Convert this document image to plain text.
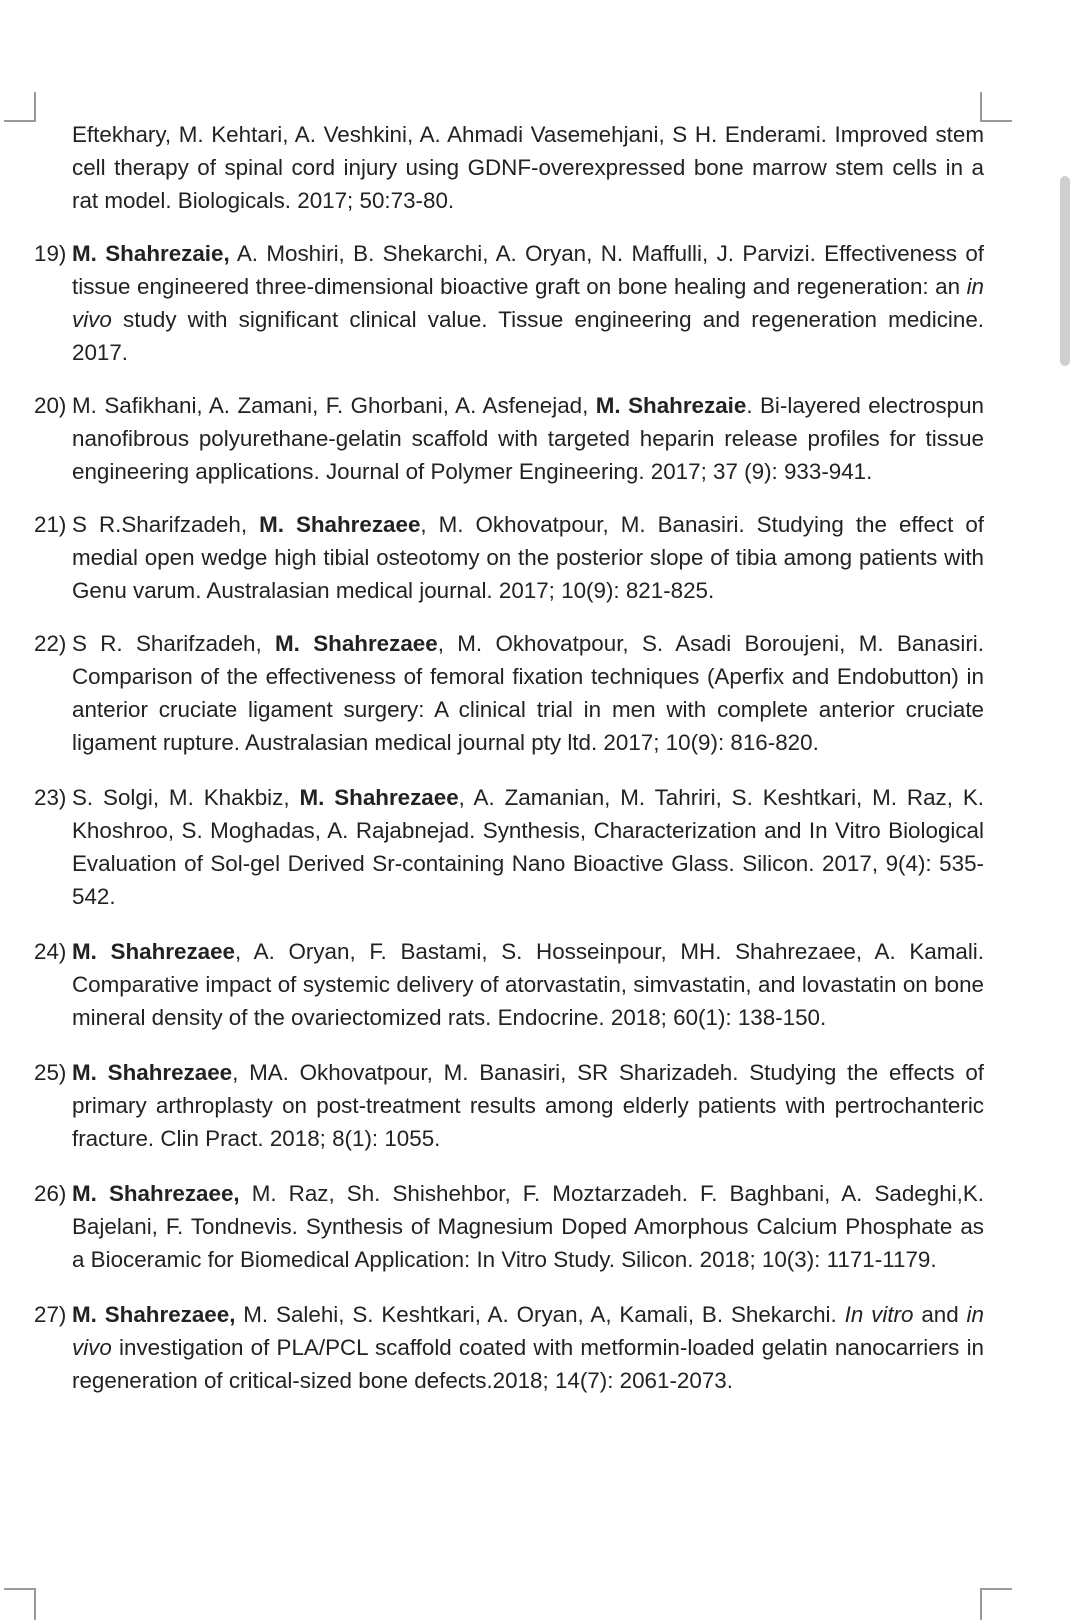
Eftekhary, M. Kehtari, A. Veshkini, A. Ahmadi Vasemehjani, S H. Enderami. Improved stem cell therapy of spinal cord injury using GDNF-overexpressed bone marrow stem cells in a rat model. Biologicals. 2017; 50:73-80.

19) M. Shahrezaie, A. Moshiri, B. Shekarchi, A. Oryan, N. Maffulli, J. Parvizi. Effectiveness of tissue engineered three-dimensional bioactive graft on bone healing and regeneration: an in vivo study with significant clinical value. Tissue engineering and regeneration medicine. 2017.

20) M. Safikhani, A. Zamani, F. Ghorbani, A. Asfenejad, M. Shahrezaie. Bi-layered electrospun nanofibrous polyurethane-gelatin scaffold with targeted heparin release profiles for tissue engineering applications. Journal of Polymer Engineering. 2017; 37 (9): 933-941.

21) S R.Sharifzadeh, M. Shahrezaee, M. Okhovatpour, M. Banasiri. Studying the effect of medial open wedge high tibial osteotomy on the posterior slope of tibia among patients with Genu varum. Australasian medical journal. 2017; 10(9): 821-825.

22) S R. Sharifzadeh, M. Shahrezaee, M. Okhovatpour, S. Asadi Boroujeni, M. Banasiri. Comparison of the effectiveness of femoral fixation techniques (Aperfix and Endobutton) in anterior cruciate ligament surgery: A clinical trial in men with complete anterior cruciate ligament rupture. Australasian medical journal pty ltd. 2017; 10(9): 816-820.

23) S. Solgi, M. Khakbiz, M. Shahrezaee, A. Zamanian, M. Tahriri, S. Keshtkari, M. Raz, K. Khoshroo, S. Moghadas, A. Rajabnejad. Synthesis, Characterization and In Vitro Biological Evaluation of Sol-gel Derived Sr-containing Nano Bioactive Glass. Silicon. 2017, 9(4): 535-542.

24) M. Shahrezaee, A. Oryan, F. Bastami, S. Hosseinpour, MH. Shahrezaee, A. Kamali. Comparative impact of systemic delivery of atorvastatin, simvastatin, and lovastatin on bone mineral density of the ovariectomized rats. Endocrine. 2018; 60(1): 138-150.

25) M. Shahrezaee, MA. Okhovatpour, M. Banasiri, SR Sharizadeh. Studying the effects of primary arthroplasty on post-treatment results among elderly patients with pertrochanteric fracture. Clin Pract. 2018; 8(1): 1055.

26) M. Shahrezaee, M. Raz, Sh. Shishehbor, F. Moztarzadeh. F. Baghbani, A. Sadeghi,K. Bajelani, F. Tondnevis. Synthesis of Magnesium Doped Amorphous Calcium Phosphate as a Bioceramic for Biomedical Application: In Vitro Study. Silicon. 2018; 10(3): 1171-1179.

27) M. Shahrezaee, M. Salehi, S. Keshtkari, A. Oryan, A, Kamali, B. Shekarchi. In vitro and in vivo investigation of PLA/PCL scaffold coated with metformin-loaded gelatin nanocarriers in regeneration of critical-sized bone defects.2018; 14(7): 2061-2073.
